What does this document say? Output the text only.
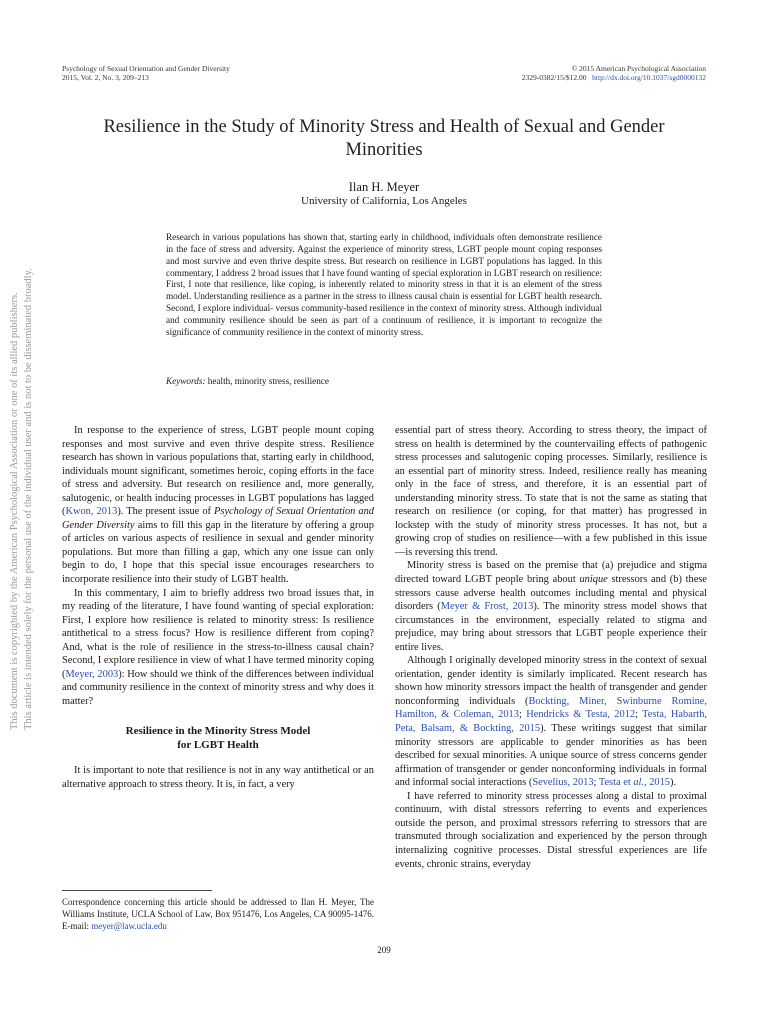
Psychology of Sexual Orientation and Gender Diversity
2015, Vol. 2, No. 3, 209–213
© 2015 American Psychological Association
2329-0382/15/$12.00 http://dx.doi.org/10.1037/sgd0000132
This document is copyrighted by the American Psychological Association or one of its allied publishers. This article is intended solely for the personal use of the individual user and is not to be disseminated broadly.
Resilience in the Study of Minority Stress and Health of Sexual and Gender Minorities
Ilan H. Meyer
University of California, Los Angeles
Research in various populations has shown that, starting early in childhood, individuals often demonstrate resilience in the face of stress and adversity. Against the experience of minority stress, LGBT people mount coping responses and most survive and even thrive despite stress. But research on resilience in LGBT populations has lagged. In this commentary, I address 2 broad issues that I have found wanting of special exploration in LGBT research on resilience: First, I note that resilience, like coping, is inherently related to minority stress in that it is an element of the stress model. Understanding resilience as a partner in the stress to illness causal chain is essential for LGBT health research. Second, I explore individual- versus community-based resilience in the context of minority stress. Although individual and community resilience should be seen as part of a continuum of resilience, it is important to recognize the significance of community resilience in the context of minority stress.
Keywords: health, minority stress, resilience

In response to the experience of stress, LGBT people mount coping responses and most survive and even thrive despite stress. Resilience research has shown in various populations that, starting early in childhood, individuals mount significant, sometimes heroic, coping efforts in the face of stress and adversity. But research on resilience and, more generally, salutogenic, or health inducing processes in LGBT populations has lagged (Kwon, 2013). The present issue of Psychology of Sexual Orientation and Gender Diversity aims to fill this gap in the literature by offering a group of articles on various aspects of resilience in sexual and gender minority populations. But more than filling a gap, which any one issue can only begin to do, I hope that this special issue encourages researchers to incorporate resilience into their study of LGBT health.

In this commentary, I aim to briefly address two broad issues that, in my reading of the literature, I have found wanting of special exploration: First, I explore how resilience is related to minority stress: Is resilience antithetical to a stress focus? How is resilience different from coping? And, what is the role of resilience in the stress-to-illness causal chain? Second, I explore resilience in view of what I have termed minority coping (Meyer, 2003): How should we think of the differences between individual and community resilience in the context of minority stress and why does it matter?

Resilience in the Minority Stress Model
for LGBT Health

It is important to note that resilience is not in any way antithetical or an alternative approach to stress theory. It is, in fact, a very

essential part of stress theory. According to stress theory, the impact of stress on health is determined by the countervailing effects of pathogenic stress processes and salutogenic coping processes. Similarly, resilience is an essential part of minority stress. Indeed, resilience really has meaning only in the face of stress, and therefore, it is an essential part of understanding minority stress. To state that is not the same as stating that research on resilience (or coping, for that matter) has progressed in lockstep with the study of minority stress processes. It has not, but a growing crop of studies on resilience—with a few published in this issue—is reversing this trend.

Minority stress is based on the premise that (a) prejudice and stigma directed toward LGBT people bring about unique stressors and (b) these stressors cause adverse health outcomes including mental and physical disorders (Meyer & Frost, 2013). The minority stress model shows that circumstances in the environment, especially related to stigma and prejudice, may bring about stressors that LGBT people experience their entire lives.

Although I originally developed minority stress in the context of sexual orientation, gender identity is similarly implicated. Recent research has shown how minority stressors impact the health of transgender and gender nonconforming individuals (Bockting, Miner, Swinburne Romine, Hamilton, & Coleman, 2013; Hendricks & Testa, 2012; Testa, Habarth, Peta, Balsam, & Bockting, 2015). These writings suggest that similar minority stressors are applicable to gender minorities as has been described for sexual minorities. A unique source of stress concerns gender affirmation of transgender or gender nonconforming individuals in formal and informal social interactions (Sevelius, 2013; Testa et al., 2015).

I have referred to minority stress processes along a distal to proximal continuum, with distal stressors referring to events and experiences outside the person, and proximal stressors referring to stressors that are transmuted through socialization and experienced by the person through internalizing cognitive processes. Distal stressful experiences are life events, chronic strains, everyday

Correspondence concerning this article should be addressed to Ilan H. Meyer, The Williams Institute, UCLA School of Law, Box 951476, Los Angeles, CA 90095-1476. E-mail: meyer@law.ucla.edu
209
